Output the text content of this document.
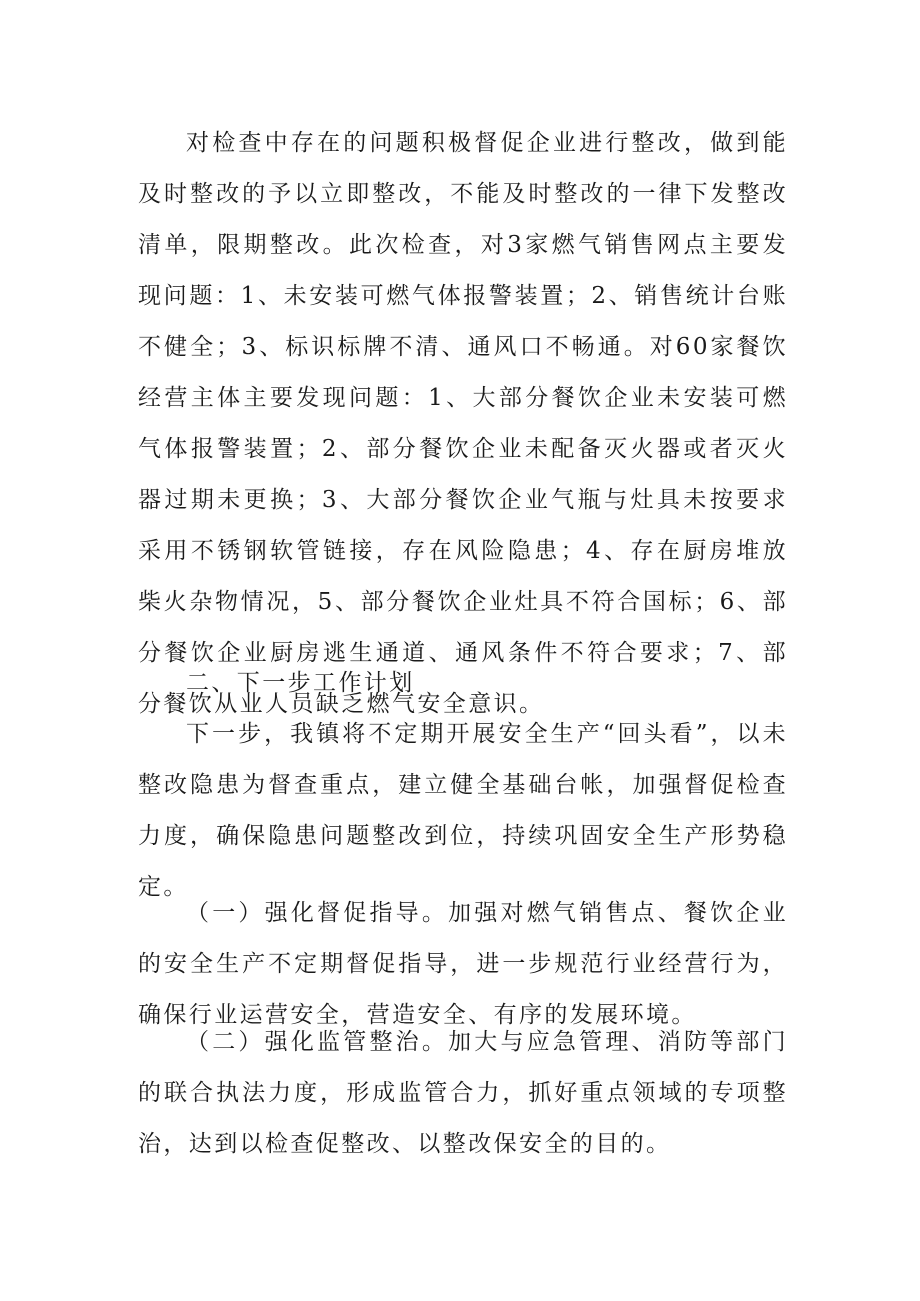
对检查中存在的问题积极督促企业进行整改，做到能及时整改的予以立即整改，不能及时整改的一律下发整改清单，限期整改。此次检查，对3家燃气销售网点主要发现问题：1、未安装可燃气体报警装置；2、销售统计台账不健全；3、标识标牌不清、通风口不畅通。对60家餐饮经营主体主要发现问题：1、大部分餐饮企业未安装可燃气体报警装置；2、部分餐饮企业未配备灭火器或者灭火器过期未更换；3、大部分餐饮企业气瓶与灶具未按要求采用不锈钢软管链接，存在风险隐患；4、存在厨房堆放柴火杂物情况，5、部分餐饮企业灶具不符合国标；6、部分餐饮企业厨房逃生通道、通风条件不符合要求；7、部分餐饮从业人员缺乏燃气安全意识。

二、下一步工作计划

下一步，我镇将不定期开展安全生产“回头看”，以未整改隐患为督查重点，建立健全基础台帐，加强督促检查力度，确保隐患问题整改到位，持续巩固安全生产形势稳定。

（一）强化督促指导。加强对燃气销售点、餐饮企业的安全生产不定期督促指导，进一步规范行业经营行为，确保行业运营安全，营造安全、有序的发展环境。

（二）强化监管整治。加大与应急管理、消防等部门的联合执法力度，形成监管合力，抓好重点领域的专项整治，达到以检查促整改、以整改保安全的目的。
